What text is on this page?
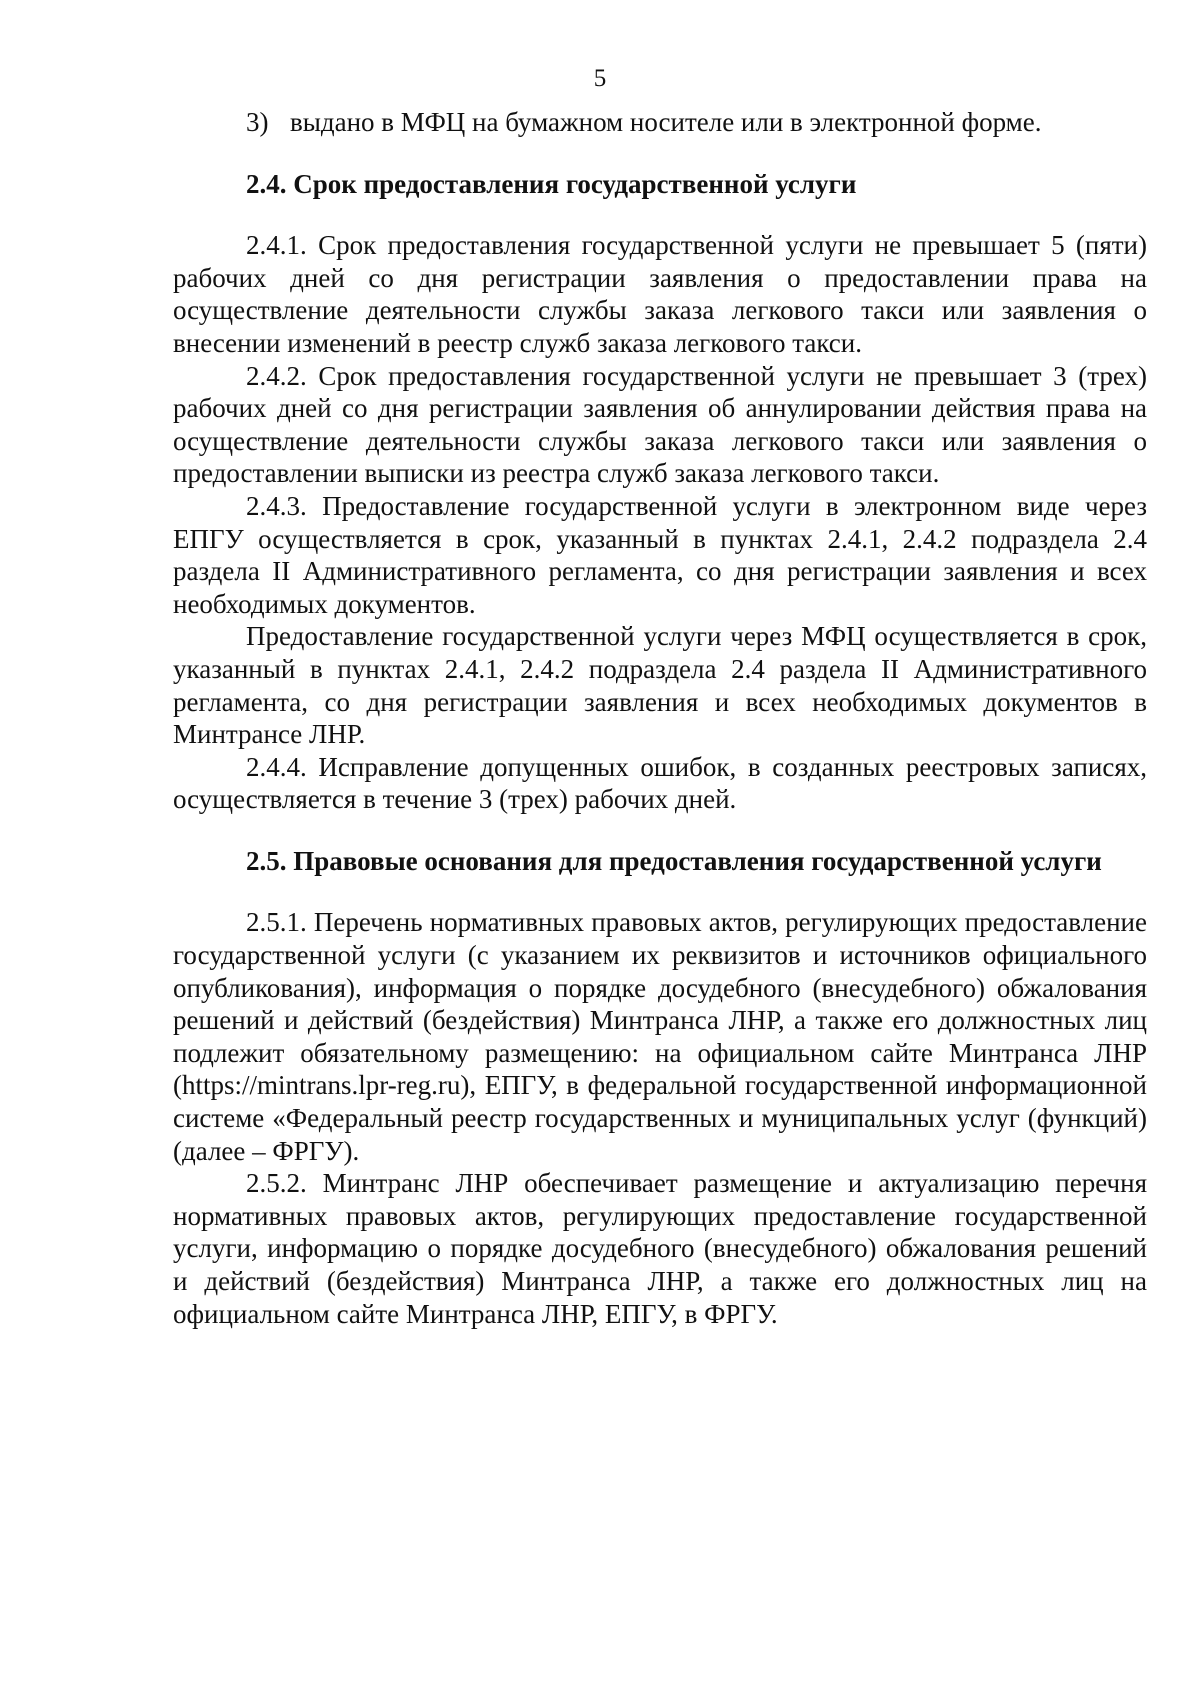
5

3) выдано в МФЦ на бумажном носителе или в электронной форме.

2.4. Срок предоставления государственной услуги

2.4.1. Срок предоставления государственной услуги не превышает 5 (пяти) рабочих дней со дня регистрации заявления о предоставлении права на осуществление деятельности службы заказа легкового такси или заявления о внесении изменений в реестр служб заказа легкового такси.

2.4.2. Срок предоставления государственной услуги не превышает 3 (трех) рабочих дней со дня регистрации заявления об аннулировании действия права на осуществление деятельности службы заказа легкового такси или заявления о предоставлении выписки из реестра служб заказа легкового такси.

2.4.3. Предоставление государственной услуги в электронном виде через ЕПГУ осуществляется в срок, указанный в пунктах 2.4.1, 2.4.2 подраздела 2.4 раздела II Административного регламента, со дня регистрации заявления и всех необходимых документов.

Предоставление государственной услуги через МФЦ осуществляется в срок, указанный в пунктах 2.4.1, 2.4.2 подраздела 2.4 раздела II Административного регламента, со дня регистрации заявления и всех необходимых документов в Минтрансе ЛНР.

2.4.4. Исправление допущенных ошибок, в созданных реестровых записях, осуществляется в течение 3 (трех) рабочих дней.

2.5. Правовые основания для предоставления государственной услуги

2.5.1. Перечень нормативных правовых актов, регулирующих предоставление государственной услуги (с указанием их реквизитов и источников официального опубликования), информация о порядке досудебного (внесудебного) обжалования решений и действий (бездействия) Минтранса ЛНР, а также его должностных лиц подлежит обязательному размещению: на официальном сайте Минтранса ЛНР (https://mintrans.lpr-reg.ru), ЕПГУ, в федеральной государственной информационной системе «Федеральный реестр государственных и муниципальных услуг (функций) (далее – ФРГУ).

2.5.2. Минтранс ЛНР обеспечивает размещение и актуализацию перечня нормативных правовых актов, регулирующих предоставление государственной услуги, информацию о порядке досудебного (внесудебного) обжалования решений и действий (бездействия) Минтранса ЛНР, а также его должностных лиц на официальном сайте Минтранса ЛНР, ЕПГУ, в ФРГУ.
